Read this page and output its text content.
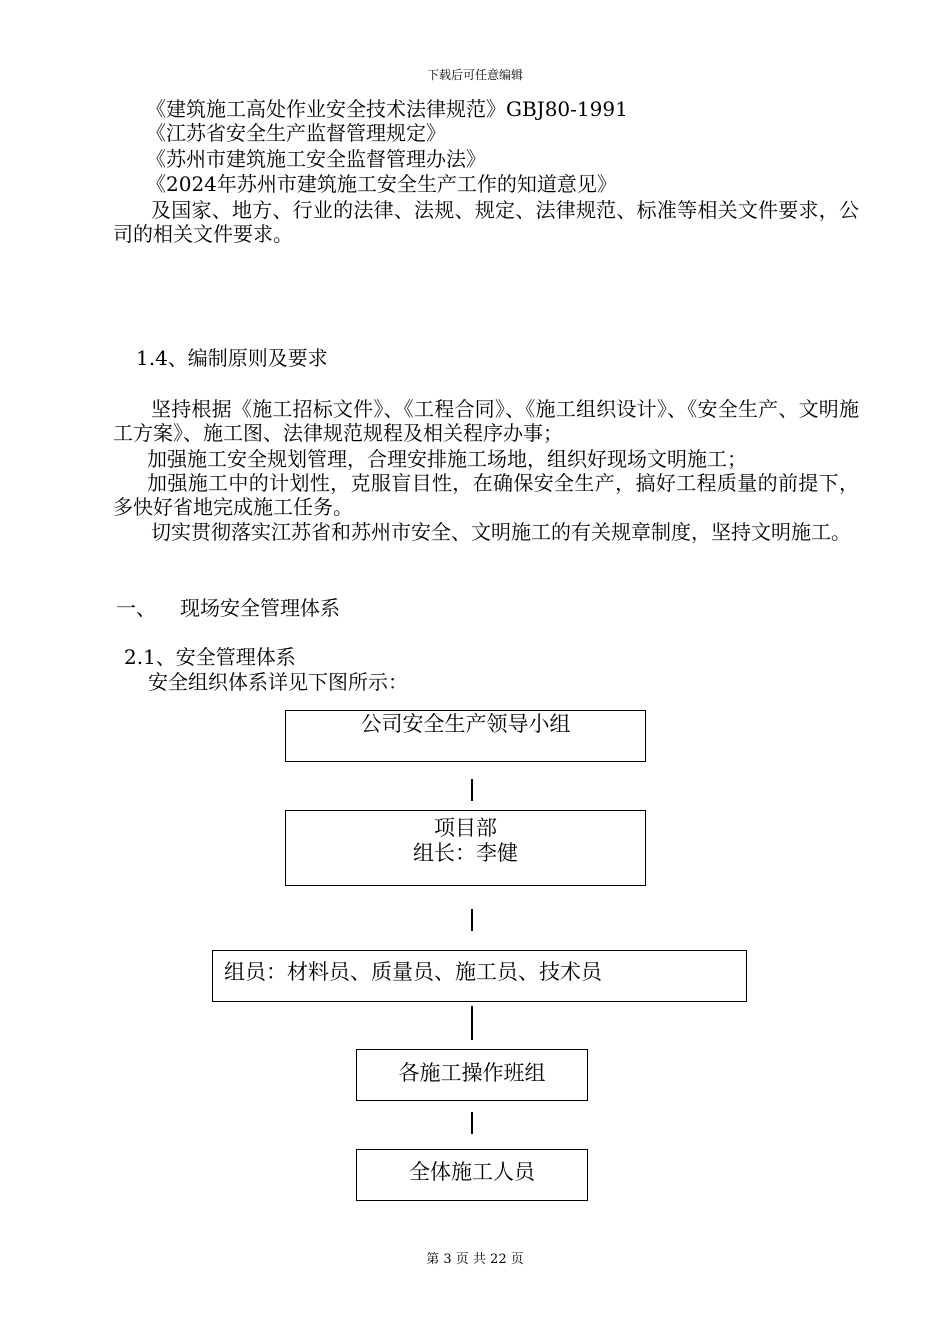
下载后可任意编辑
《建筑施工高处作业安全技术法律规范》GBJ80-1991
《江苏省安全生产监督管理规定》
《苏州市建筑施工安全监督管理办法》
《2024年苏州市建筑施工安全生产工作的知道意见》
及国家、地方、行业的法律、法规、规定、法律规范、标准等相关文件要求，公司的相关文件要求。
1.4、编制原则及要求
坚持根据《施工招标文件》、《工程合同》、《施工组织设计》、《安全生产、文明施工方案》、施工图、法律规范规程及相关程序办事；
加强施工安全规划管理，合理安排施工场地，组织好现场文明施工；
加强施工中的计划性，克服盲目性，在确保安全生产，搞好工程质量的前提下，多快好省地完成施工任务。
切实贯彻落实江苏省和苏州市安全、文明施工的有关规章制度，坚持文明施工。
一、 现场安全管理体系
2.1、安全管理体系
安全组织体系详见下图所示：
公司安全生产领导小组
项目部
组长：李健
组员：材料员、质量员、施工员、技术员
各施工操作班组
全体施工人员
第 3 页 共 22 页
